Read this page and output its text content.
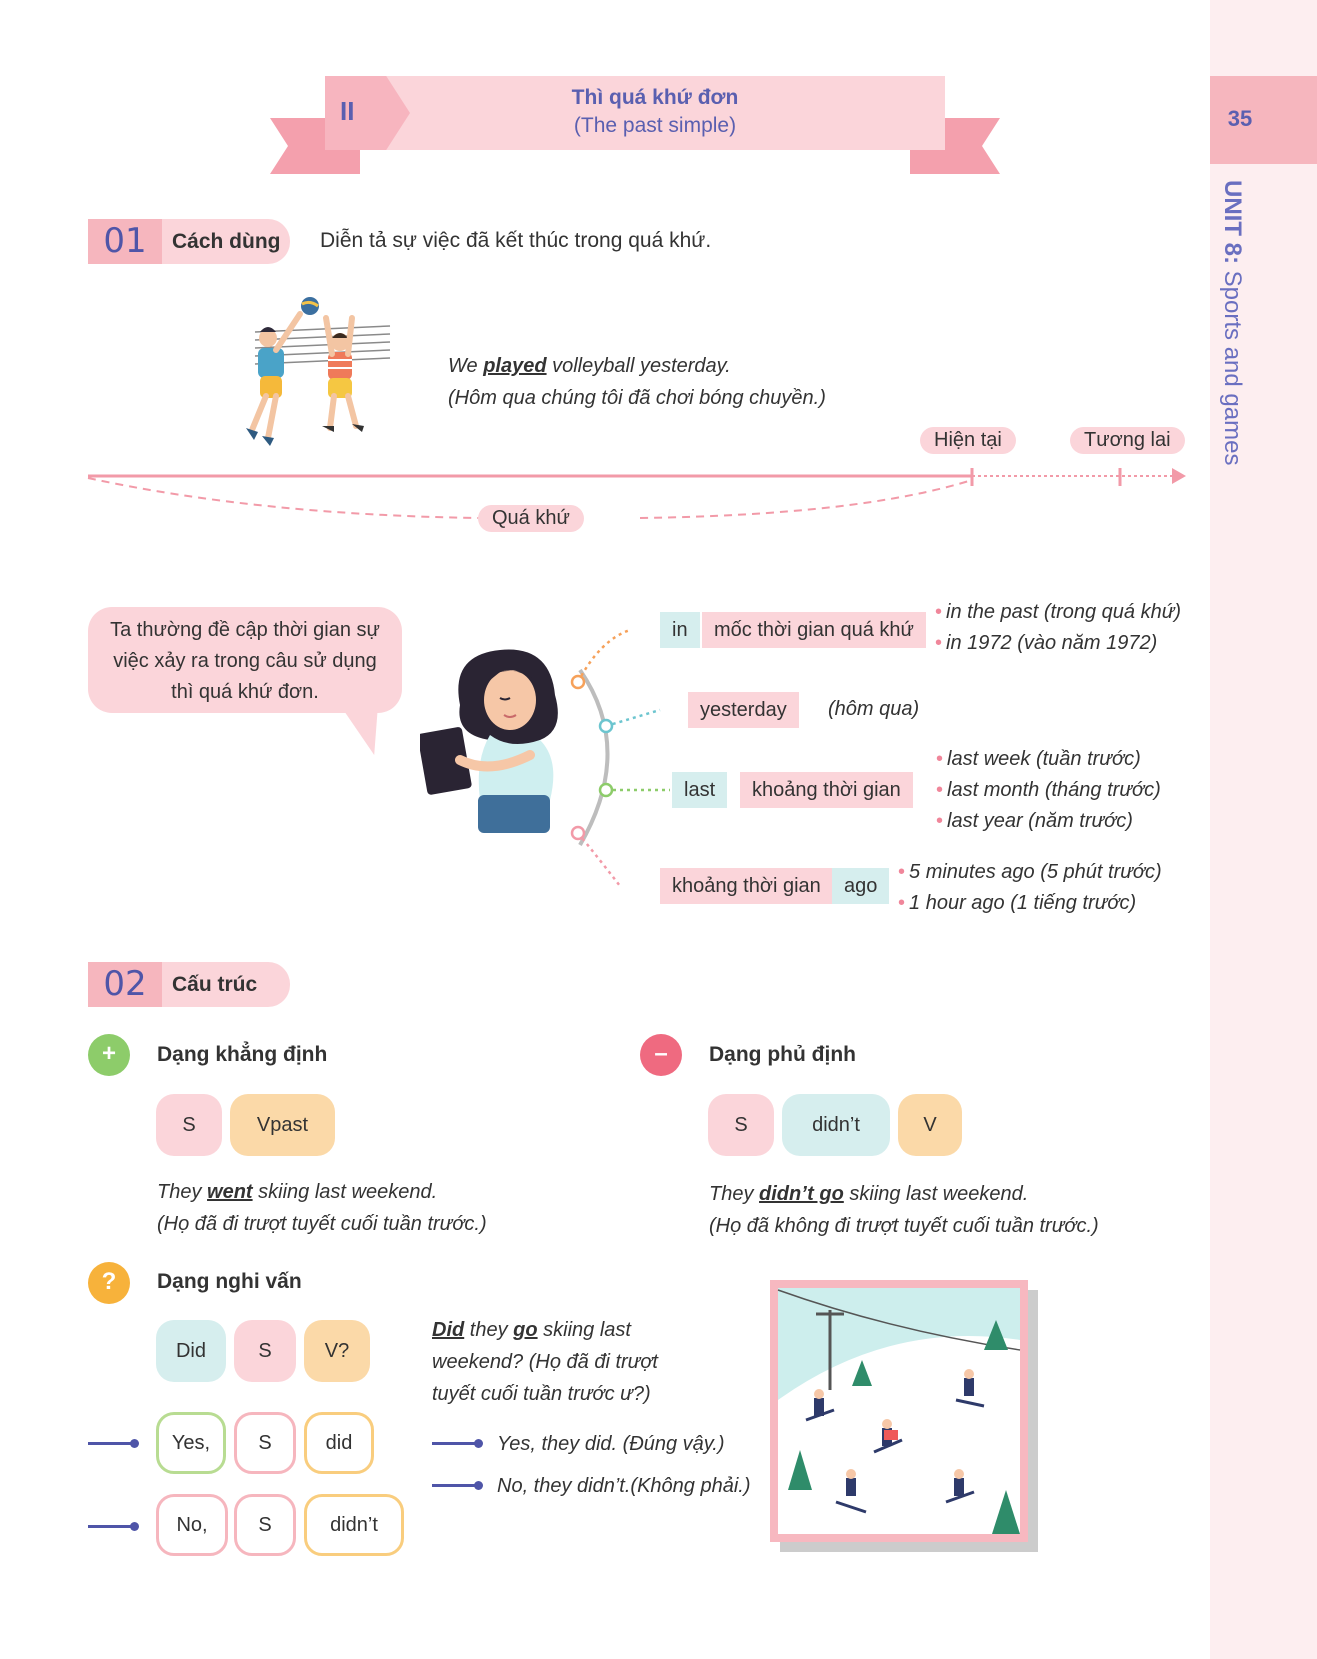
35
UNIT 8: Sports and games
II	Thì quá khứ đơn
(The past simple)
01	Cách dùng Diễn tả sự việc đã kết thúc trong quá khứ.
We played volleyball yesterday.
(Hôm qua chúng tôi đã chơi bóng chuyền.)
Hiện tại	Tương lai
Quá khứ
Ta thường đề cập thời gian sự việc xảy ra trong câu sử dụng thì quá khứ đơn.
in	mốc thời gian quá khứ
• in the past (trong quá khứ)
• in 1972 (vào năm 1972)
yesterday	(hôm qua)
last	khoảng thời gian
• last week (tuần trước)
• last month (tháng trước)
• last year (năm trước)
khoảng thời gian	ago
• 5 minutes ago (5 phút trước)
• 1 hour ago (1 tiếng trước)
02	Cấu trúc
+	Dạng khẳng định
S	Vpast
They went skiing last weekend.
(Họ đã đi trượt tuyết cuối tuần trước.)
–	Dạng phủ định
S	didn’t	V
They didn’t go skiing last weekend.
(Họ đã không đi trượt tuyết cuối tuần trước.)
?	Dạng nghi vấn
Did	S	V?
Yes,	S	did
No,	S	didn’t
Did they go skiing last
weekend? (Họ đã đi trượt
tuyết cuối tuần trước ư?)
Yes, they did. (Đúng vậy.)
No, they didn’t.(Không phải.)
